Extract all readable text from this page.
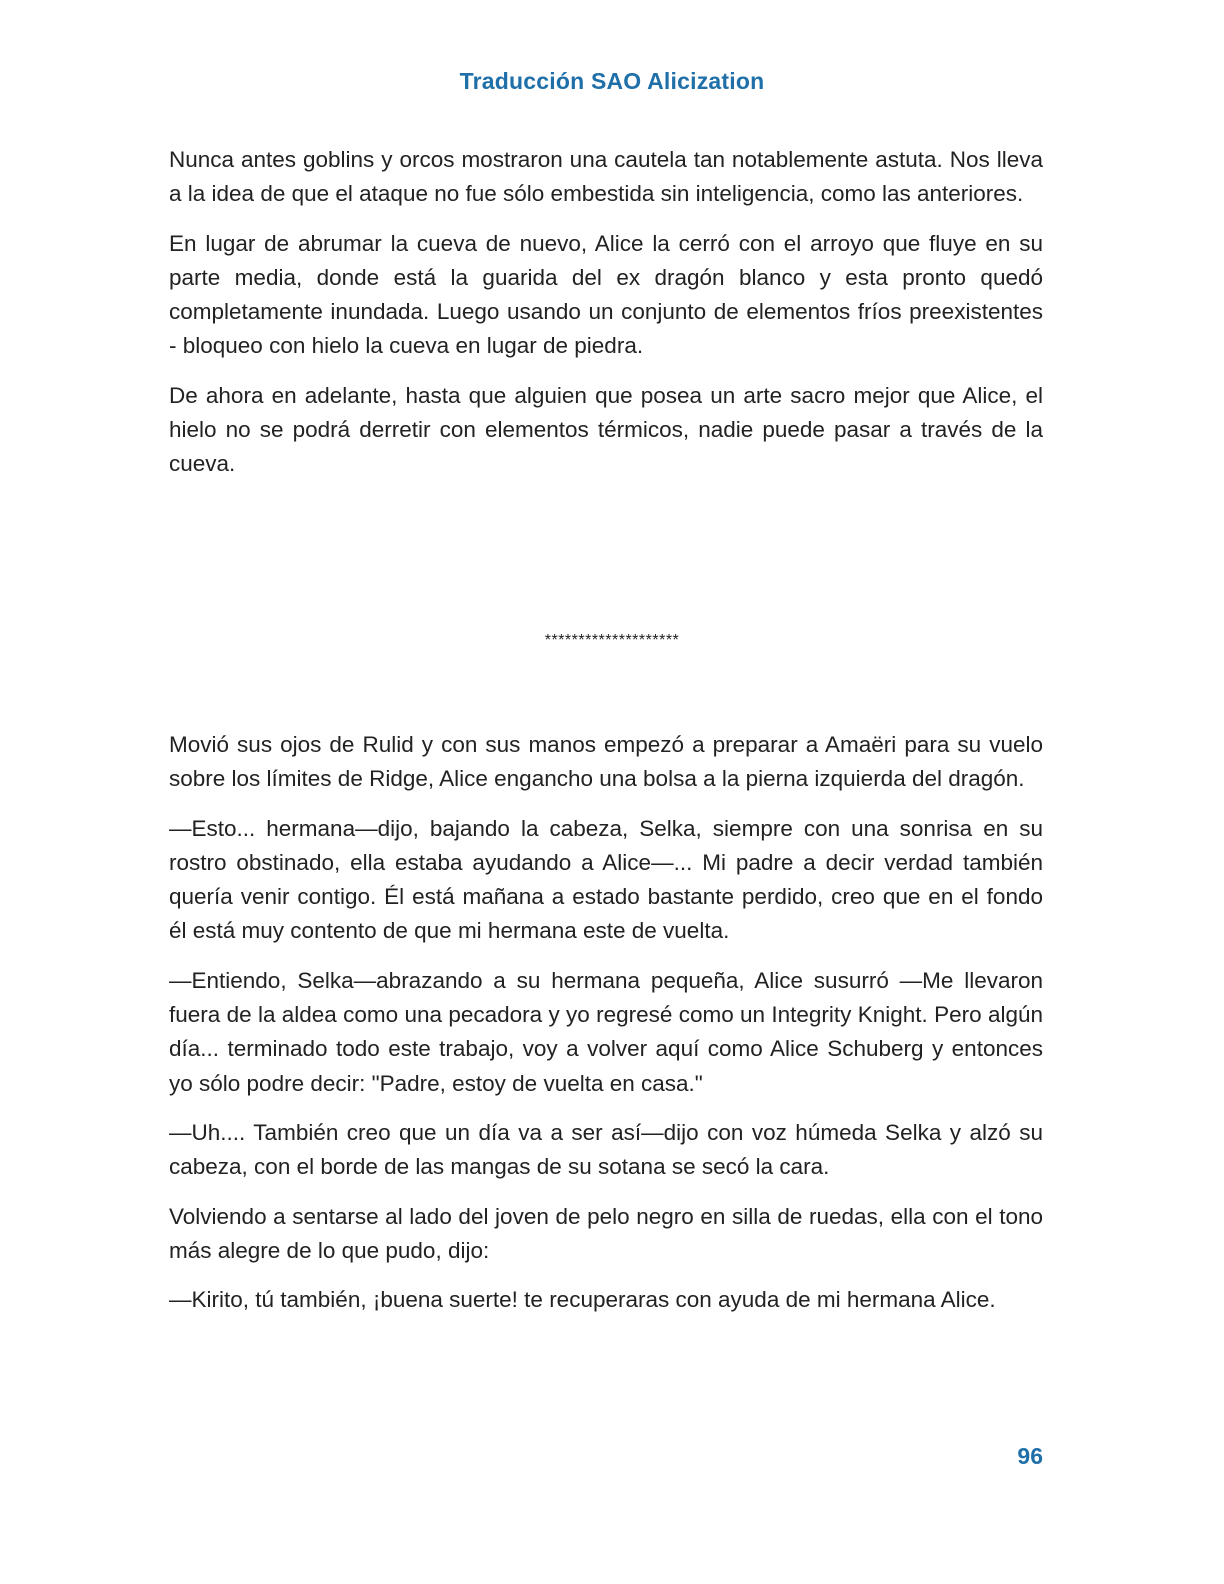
Traducción SAO Alicization

Nunca antes goblins y orcos mostraron una cautela tan notablemente astuta. Nos lleva a la idea de que el ataque no fue sólo embestida sin inteligencia, como las anteriores.

En lugar de abrumar la cueva de nuevo, Alice la cerró con el arroyo que fluye en su parte media, donde está la guarida del ex dragón blanco y esta pronto quedó completamente inundada. Luego usando un conjunto de elementos fríos preexistentes - bloqueo con hielo la cueva en lugar de piedra.

De ahora en adelante, hasta que alguien que posea un arte sacro mejor que Alice, el hielo no se podrá derretir con elementos térmicos, nadie puede pasar a través de la cueva.

********************

Movió sus ojos de Rulid y con sus manos empezó a preparar a Amaëri para su vuelo sobre los límites de Ridge, Alice engancho una bolsa a la pierna izquierda del dragón.

—Esto... hermana—dijo, bajando la cabeza, Selka, siempre con una sonrisa en su rostro obstinado, ella estaba ayudando a Alice—... Mi padre a decir verdad también quería venir contigo. Él está mañana a estado bastante perdido, creo que en el fondo él está muy contento de que mi hermana este de vuelta.

—Entiendo, Selka—abrazando a su hermana pequeña, Alice susurró —Me llevaron fuera de la aldea como una pecadora y yo regresé como un Integrity Knight. Pero algún día... terminado todo este trabajo, voy a volver aquí como Alice Schuberg y entonces yo sólo podre decir: "Padre, estoy de vuelta en casa."

—Uh.... También creo que un día va a ser así—dijo con voz húmeda Selka y alzó su cabeza, con el borde de las mangas de su sotana se secó la cara.

Volviendo a sentarse al lado del joven de pelo negro en silla de ruedas, ella con el tono más alegre de lo que pudo, dijo:

—Kirito, tú también, ¡buena suerte! te recuperaras con ayuda de mi hermana Alice.

96
